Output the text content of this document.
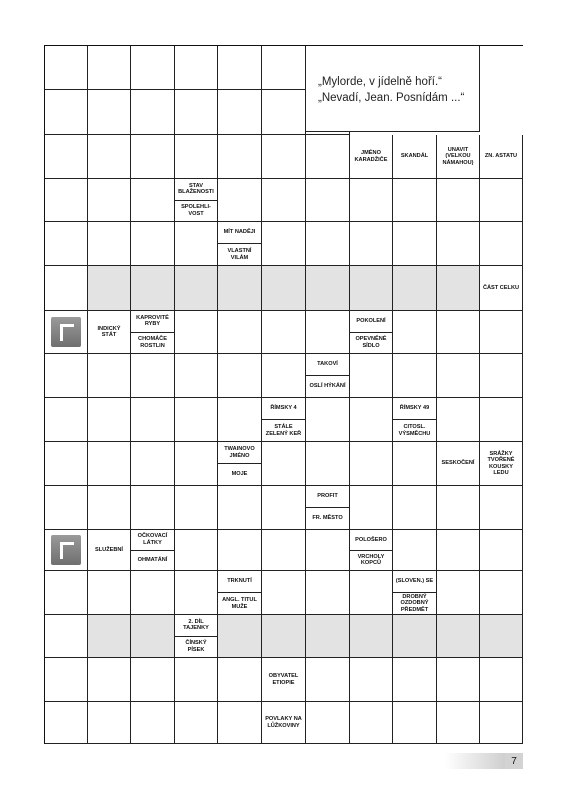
JMÉNO
KARADŽIČE
SKANDÁL
UNAVIT
(VELKOU
NÁMAHOU)
ZN. ASTATU
STAV
BLAŽENOSTI
SPOLEHLI-
VOST
MÍT NADĚJI
VLASTNÍ
VILÁM
ČÁST CELKU
INDICKÝ
STÁT
KAPROVITÉ
RYBY
CHOMÁČE
ROSTLIN
POKOLENÍ
OPEVNĚNÉ
SÍDLO
TAKOVÍ
OSLÍ HÝKÁNÍ
ŘÍMSKY 4
STÁLE
ZELENÝ KEŘ
ŘÍMSKY 49
CITOSL.
VÝSMĚCHU
TWAINOVO
JMÉNO
MOJE
SESKOČENÍ
SRÁŽKY
TVOŘENÉ
KOUSKY
LEDU
PROFIT
FR. MĚSTO
SLUŽEBNÍ
OČKOVACÍ
LÁTKY
OHMATÁNÍ
POLOŠERO
VRCHOLY
KOPCŮ
TRKNUTÍ
ANGL. TITUL
MUŽE
(SLOVEN.) SE
DROBNÝ
OZDOBNÝ
PŘEDMĚT
2. DÍL
TAJENKY
ČÍNSKÝ
PÍSEK
OBYVATEL
ETIOPIE
POVLAKY NA
LŮŽKOVINY
„Mylorde, v jídelně hoří.“
„Nevadí, Jean. Posnídám ...“
7
